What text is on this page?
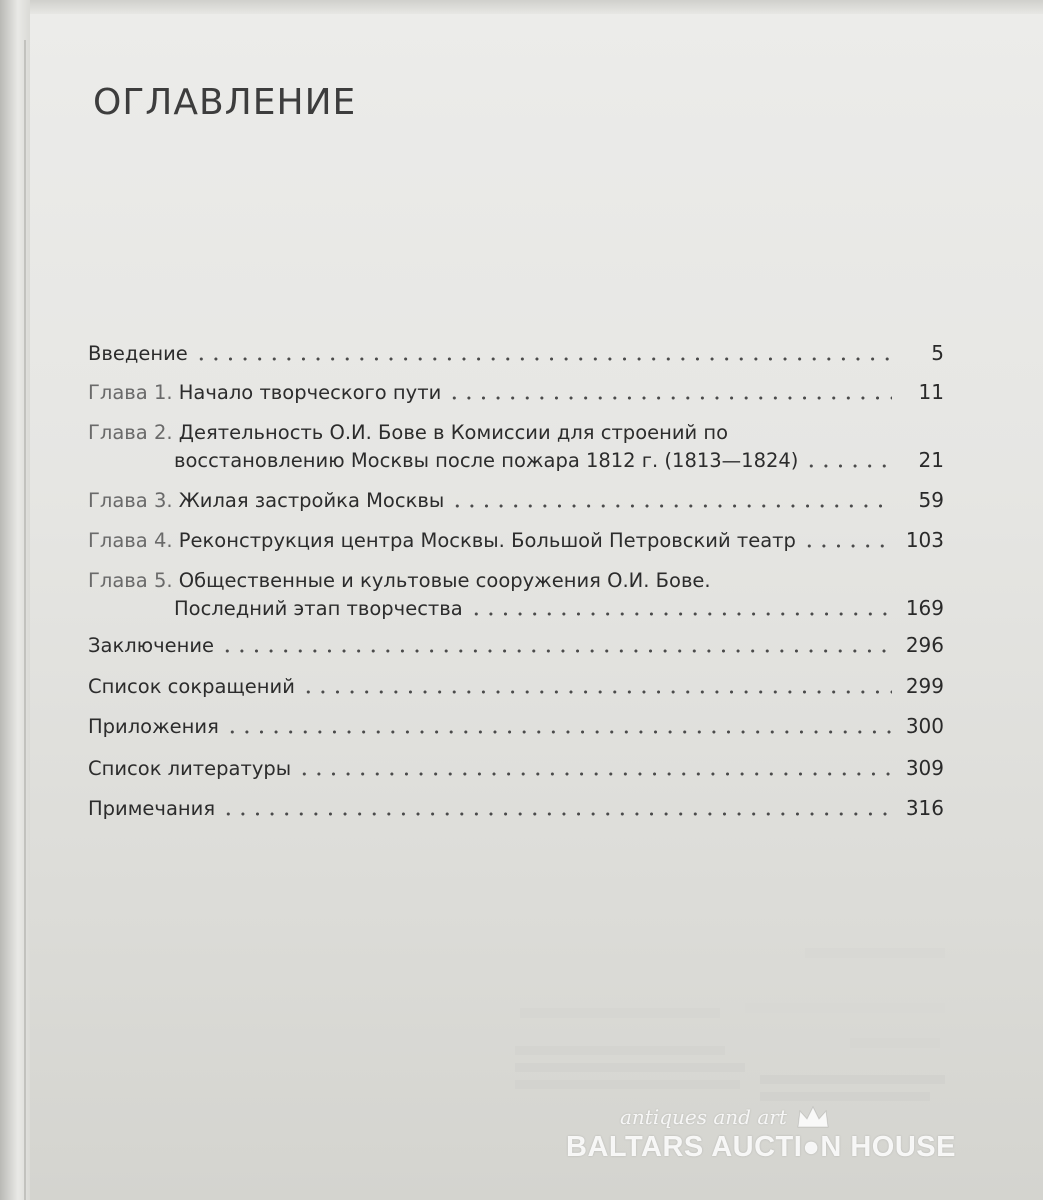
ОГЛАВЛЕНИЕ
Введение	5
Глава 1. Начало творческого пути	11
Глава 2. Деятельность О.И. Бове в Комиссии для строений по
восстановлению Москвы после пожара 1812 г. (1813—1824)	21
Глава 3. Жилая застройка Москвы	59
Глава 4. Реконструкция центра Москвы. Большой Петровский театр	103
Глава 5. Общественные и культовые сооружения О.И. Бове.
Последний этап творчества	169
Заключение	296
Список сокращений	299
Приложения	300
Список литературы	309
Примечания	316
antiques and art
BALTARS AUCTI●N HOUSE
